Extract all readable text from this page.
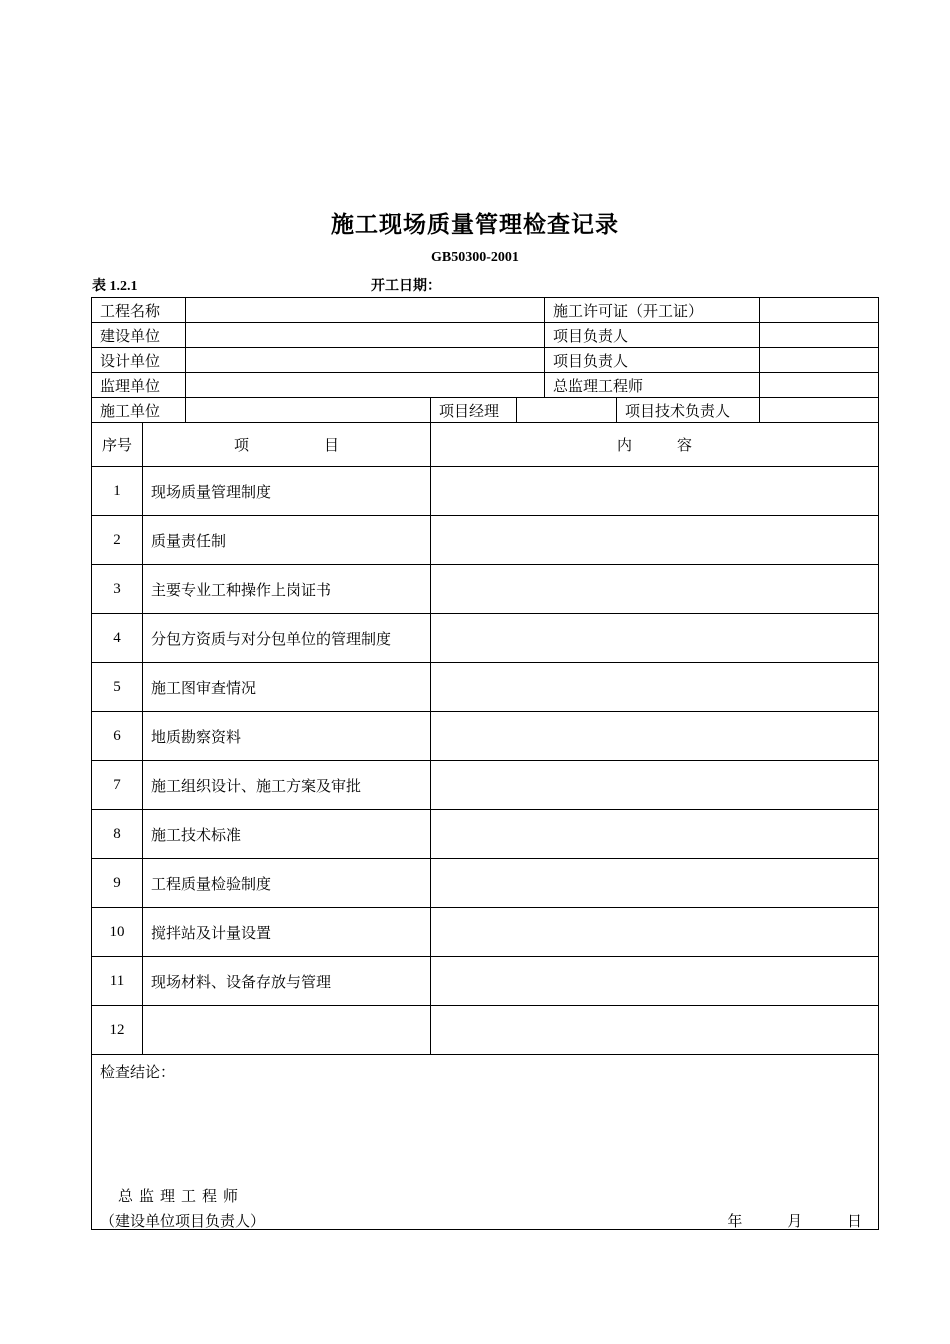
施工现场质量管理检查记录
GB50300-2001
表 1.2.1	开工日期：
工程名称					施工许可证（开工证）		
建设单位					项目负责人		
设计单位					项目负责人		
监理单位					总监理工程师		
施工单位			项目经理			项目技术负责人	
序号	项　　　　　目		内　　　容				
1	现场质量管理制度						
2	质量责任制						
3	主要专业工种操作上岗证书						
4	分包方资质与对分包单位的管理制度						
5	施工图审查情况						
6	地质勘察资料						
7	施工组织设计、施工方案及审批						
8	施工技术标准						
9	工程质量检验制度						
10	搅拌站及计量设置						
11	现场材料、设备存放与管理						
12							

检查结论：
总监理工程师
（建设单位项目负责人） 年 月 日							
